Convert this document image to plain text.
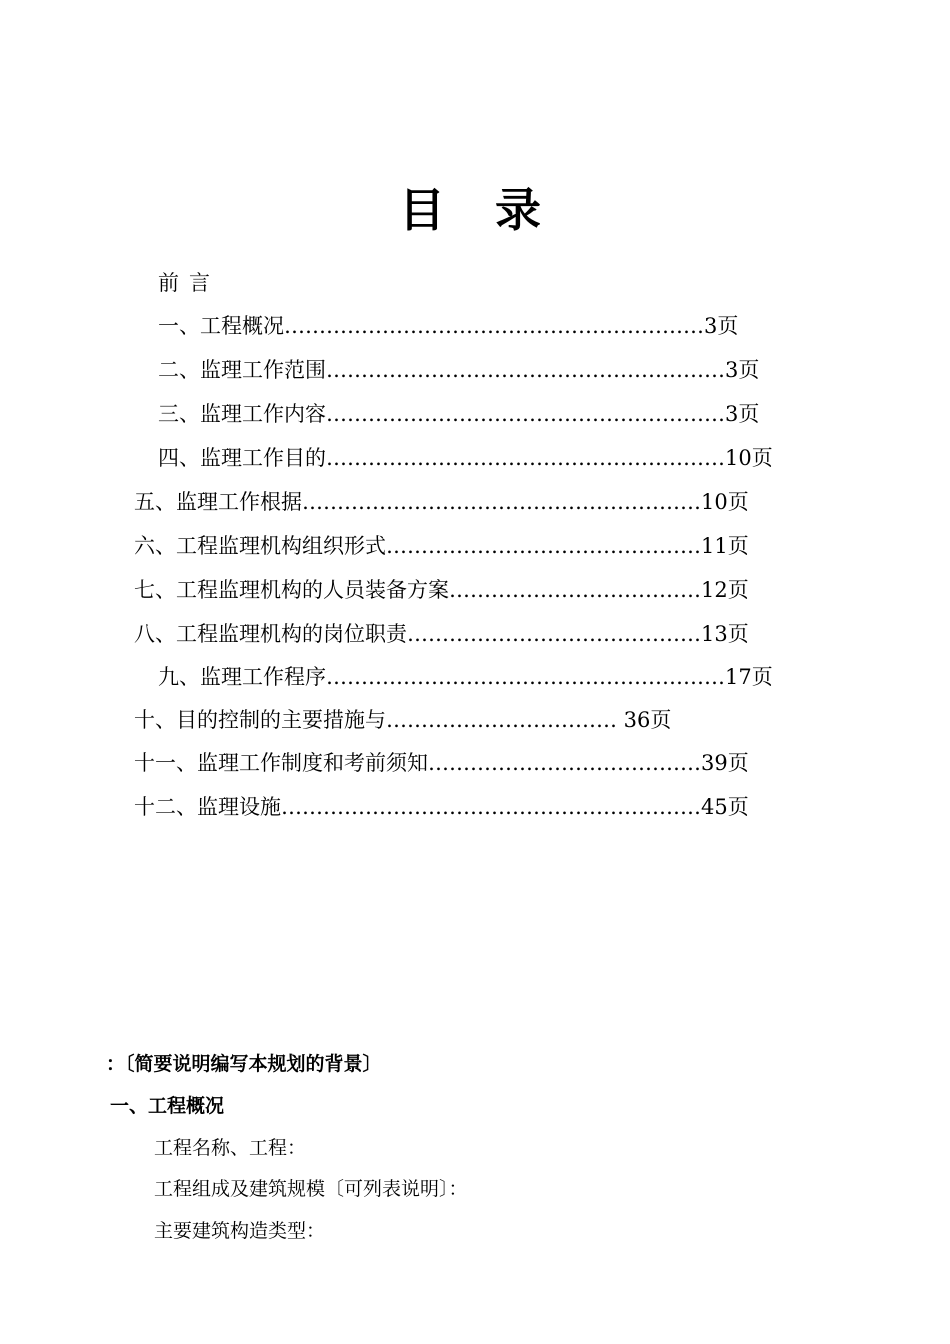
目录
前言
一、工程概况……………………………………………………3页
二、监理工作范围…………………………………………………3页
三、监理工作内容…………………………………………………3页
四、监理工作目的…………………………………………………10页
五、监理工作根据…………………………………………………10页
六、工程监理机构组织形式………………………………………11页
七、工程监理机构的人员装备方案………………………………12页
八、工程监理机构的岗位职责……………………………………13页
九、监理工作程序…………………………………………………17页
十、目的控制的主要措施与…………………………… 36页
十一、监理工作制度和考前须知…………………………………39页
十二、监理设施……………………………………………………45页
：〔简要说明编写本规划的背景〕
一、工程概况
工程名称、工程：
工程组成及建筑规模〔可列表说明〕：
主要建筑构造类型：
